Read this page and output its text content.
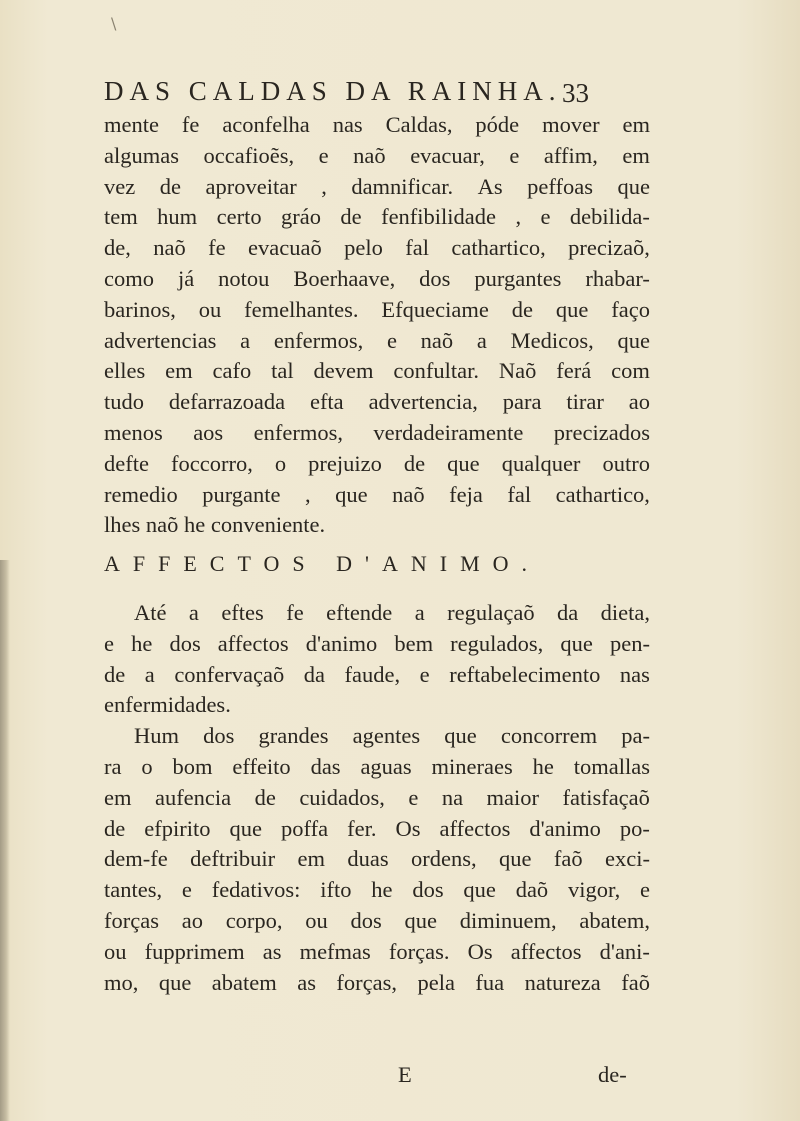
\
DAS CALDAS DA RAINHA. 33
mente fe aconfelha nas Caldas, póde mover em
algumas occafioẽs, e naõ evacuar, e affim, em
vez de aproveitar , damnificar. As peffoas que
tem hum certo gráo de fenfibilidade , e debilida-
de, naõ fe evacuaõ pelo fal cathartico, precizaõ,
como já notou Boerhaave, dos purgantes rhabar-
barinos, ou femelhantes. Efqueciame de que faço
advertencias a enfermos, e naõ a Medicos, que
elles em cafo tal devem confultar. Naõ ferá com
tudo defarrazoada efta advertencia, para tirar ao
menos aos enfermos, verdadeiramente precizados
defte foccorro, o prejuizo de que qualquer outro
remedio purgante , que naõ feja fal cathartico,
lhes naõ he conveniente.
AFFECTOS D'ANIMO.
Até a eftes fe eftende a regulaçaõ da dieta,
e he dos affectos d'animo bem regulados, que pen-
de a confervaçaõ da faude, e reftabelecimento nas
enfermidades.
Hum dos grandes agentes que concorrem pa-
ra o bom effeito das aguas mineraes he tomallas
em aufencia de cuidados, e na maior fatisfaçaõ
de efpirito que poffa fer. Os affectos d'animo po-
dem-fe deftribuir em duas ordens, que faõ exci-
tantes, e fedativos: ifto he dos que daõ vigor, e
forças ao corpo, ou dos que diminuem, abatem,
ou fupprimem as mefmas forças. Os affectos d'ani-
mo, que abatem as forças, pela fua natureza faõ
E	de-
